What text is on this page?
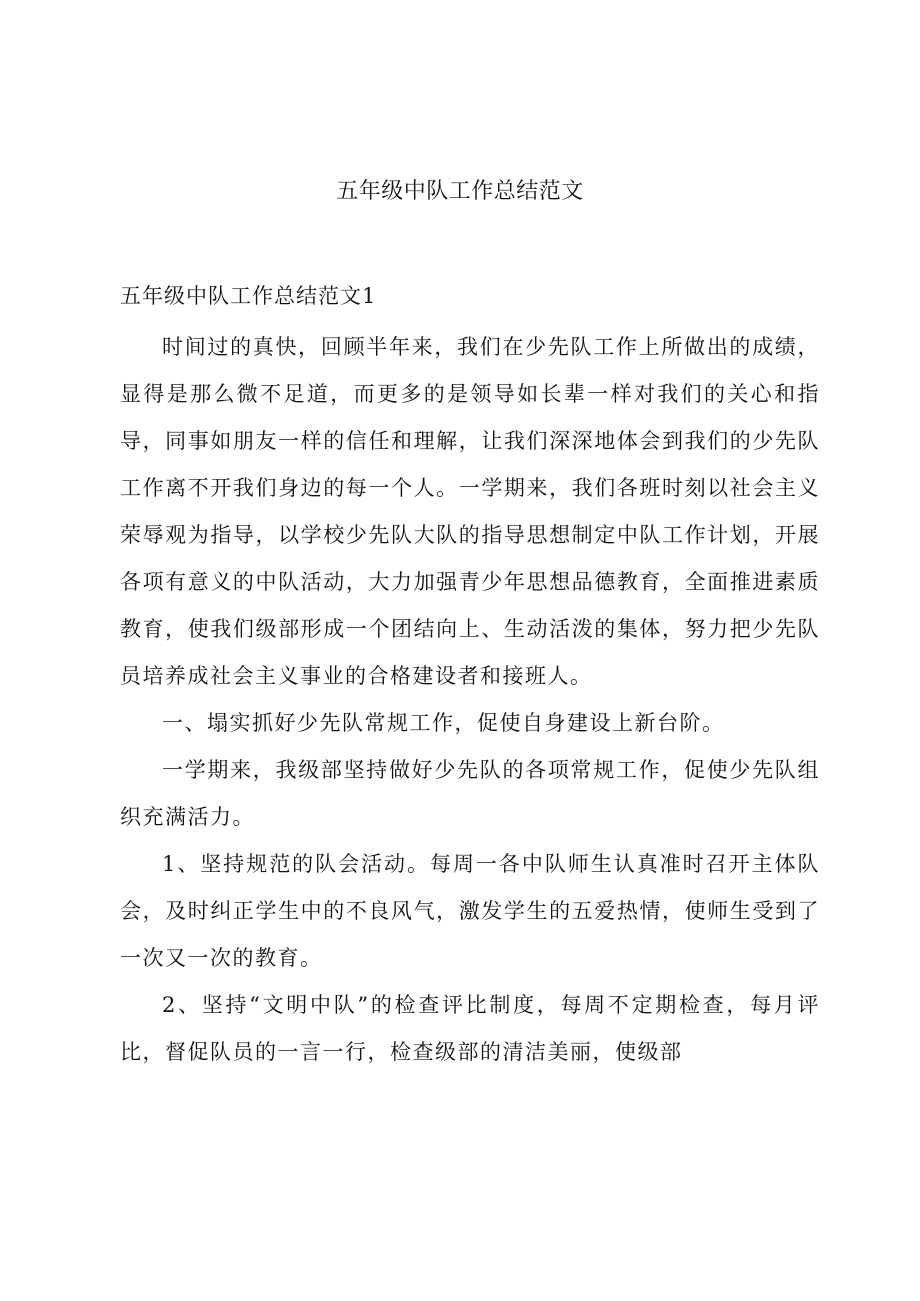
五年级中队工作总结范文
五年级中队工作总结范文1

时间过的真快，回顾半年来，我们在少先队工作上所做出的成绩，显得是那么微不足道，而更多的是领导如长辈一样对我们的关心和指导，同事如朋友一样的信任和理解，让我们深深地体会到我们的少先队工作离不开我们身边的每一个人。一学期来，我们各班时刻以社会主义荣辱观为指导，以学校少先队大队的指导思想制定中队工作计划，开展各项有意义的中队活动，大力加强青少年思想品德教育，全面推进素质教育，使我们级部形成一个团结向上、生动活泼的集体，努力把少先队员培养成社会主义事业的合格建设者和接班人。

一、塌实抓好少先队常规工作，促使自身建设上新台阶。

一学期来，我级部坚持做好少先队的各项常规工作，促使少先队组织充满活力。

1、坚持规范的队会活动。每周一各中队师生认真准时召开主体队会，及时纠正学生中的不良风气，激发学生的五爱热情，使师生受到了一次又一次的教育。

2、坚持“文明中队”的检查评比制度，每周不定期检查，每月评比，督促队员的一言一行，检查级部的清洁美丽，使级部
